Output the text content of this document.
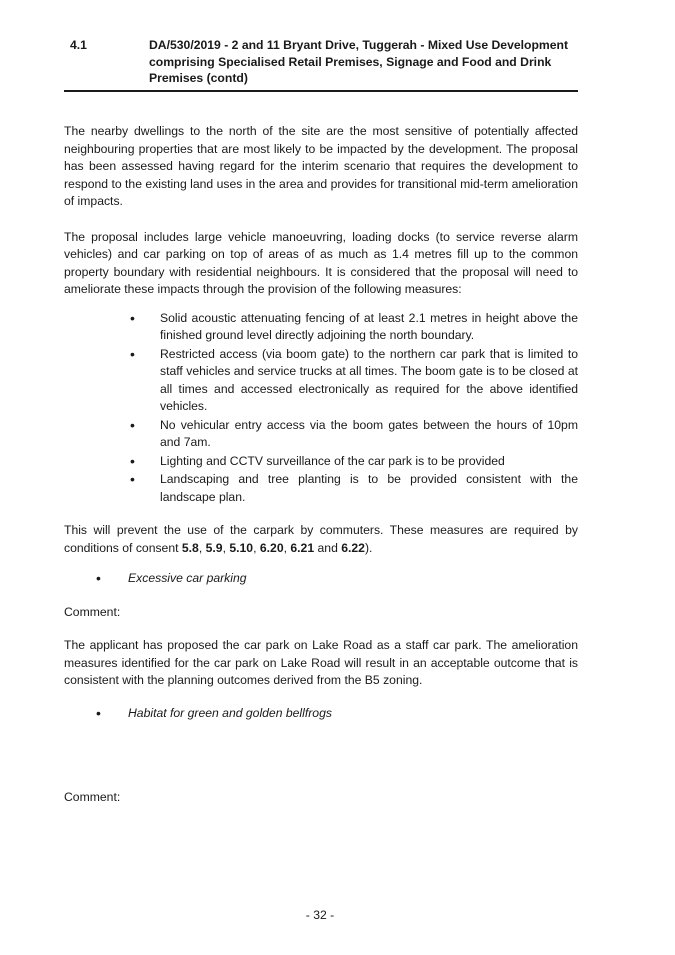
4.1	DA/530/2019 - 2 and 11 Bryant Drive, Tuggerah - Mixed Use Development comprising Specialised Retail Premises, Signage and Food and Drink Premises (contd)

The nearby dwellings to the north of the site are the most sensitive of potentially affected neighbouring properties that are most likely to be impacted by the development. The proposal has been assessed having regard for the interim scenario that requires the development to respond to the existing land uses in the area and provides for transitional mid-term amelioration of impacts.

The proposal includes large vehicle manoeuvring, loading docks (to service reverse alarm vehicles) and car parking on top of areas of as much as 1.4 metres fill up to the common property boundary with residential neighbours. It is considered that the proposal will need to ameliorate these impacts through the provision of the following measures:

• Solid acoustic attenuating fencing of at least 2.1 metres in height above the finished ground level directly adjoining the north boundary.
• Restricted access (via boom gate) to the northern car park that is limited to staff vehicles and service trucks at all times. The boom gate is to be closed at all times and accessed electronically as required for the above identified vehicles.
• No vehicular entry access via the boom gates between the hours of 10pm and 7am.
• Lighting and CCTV surveillance of the car park is to be provided
• Landscaping and tree planting is to be provided consistent with the landscape plan.

This will prevent the use of the carpark by commuters. These measures are required by conditions of consent 5.8, 5.9, 5.10, 6.20, 6.21 and 6.22).

• Excessive car parking

Comment:

The applicant has proposed the car park on Lake Road as a staff car park. The amelioration measures identified for the car park on Lake Road will result in an acceptable outcome that is consistent with the planning outcomes derived from the B5 zoning.

• Habitat for green and golden bellfrogs

Comment:

- 32 -
